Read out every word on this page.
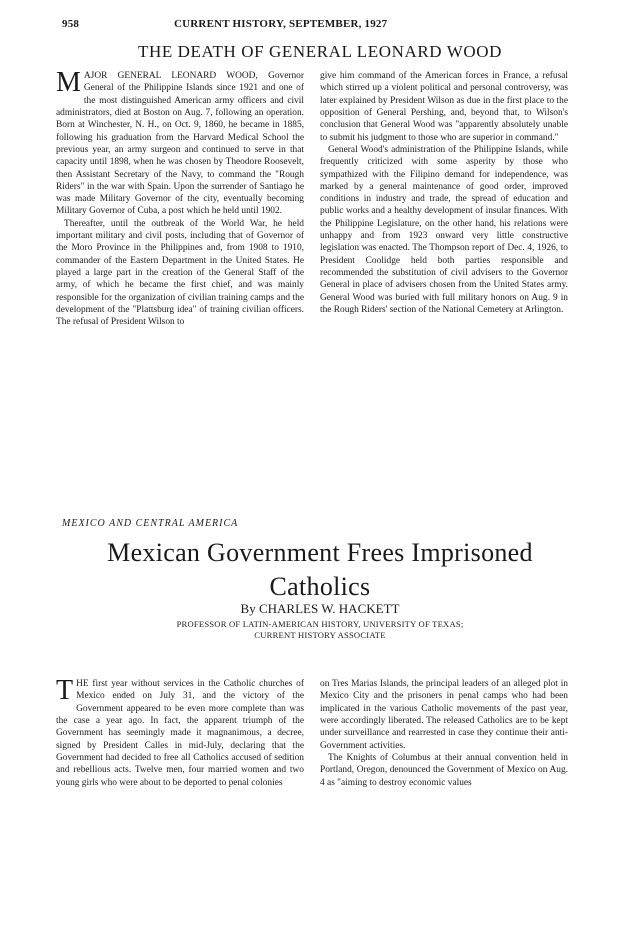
958	CURRENT HISTORY, SEPTEMBER, 1927
THE DEATH OF GENERAL LEONARD WOOD

MAJOR GENERAL LEONARD WOOD, Governor General of the Philippine Islands since 1921 and one of the most distinguished American army officers and civil administrators, died at Boston on Aug. 7, following an operation. Born at Winchester, N. H., on Oct. 9, 1860, he became in 1885, following his graduation from the Harvard Medical School the previous year, an army surgeon and continued to serve in that capacity until 1898, when he was chosen by Theodore Roosevelt, then Assistant Secretary of the Navy, to command the "Rough Riders" in the war with Spain. Upon the surrender of Santiago he was made Military Governor of the city, eventually becoming Military Governor of Cuba, a post which he held until 1902.

Thereafter, until the outbreak of the World War, he held important military and civil posts, including that of Governor of the Moro Province in the Philippines and, from 1908 to 1910, commander of the Eastern Department in the United States. He played a large part in the creation of the General Staff of the army, of which he became the first chief, and was mainly responsible for the organization of civilian training camps and the development of the "Plattsburg idea" of training civilian officers. The refusal of President Wilson to

give him command of the American forces in France, a refusal which stirred up a violent political and personal controversy, was later explained by President Wilson as due in the first place to the opposition of General Pershing, and, beyond that, to Wilson's conclusion that General Wood was "apparently absolutely unable to submit his judgment to those who are superior in command."

General Wood's administration of the Philippine Islands, while frequently criticized with some asperity by those who sympathized with the Filipino demand for independence, was marked by a general maintenance of good order, improved conditions in industry and trade, the spread of education and public works and a healthy development of insular finances. With the Philippine Legislature, on the other hand, his relations were unhappy and from 1923 onward very little constructive legislation was enacted. The Thompson report of Dec. 4, 1926, to President Coolidge held both parties responsible and recommended the substitution of civil advisers to the Governor General in place of advisers chosen from the United States army. General Wood was buried with full military honors on Aug. 9 in the Rough Riders' section of the National Cemetery at Arlington.

MEXICO AND CENTRAL AMERICA
Mexican Government Frees Imprisoned
Catholics
By CHARLES W. HACKETT
PROFESSOR OF LATIN-AMERICAN HISTORY, UNIVERSITY OF TEXAS;
CURRENT HISTORY ASSOCIATE

THE first year without services in the Catholic churches of Mexico ended on July 31, and the victory of the Government appeared to be even more complete than was the case a year ago. In fact, the apparent triumph of the Government has seemingly made it magnanimous, a decree, signed by President Calles in mid-July, declaring that the Government had decided to free all Catholics accused of sedition and rebellious acts. Twelve men, four married women and two young girls who were about to be deported to penal colonies

on Tres Marias Islands, the principal leaders of an alleged plot in Mexico City and the prisoners in penal camps who had been implicated in the various Catholic movements of the past year, were accordingly liberated. The released Catholics are to be kept under surveillance and rearrested in case they continue their anti-Government activities.

The Knights of Columbus at their annual convention held in Portland, Oregon, denounced the Government of Mexico on Aug. 4 as "aiming to destroy economic values
